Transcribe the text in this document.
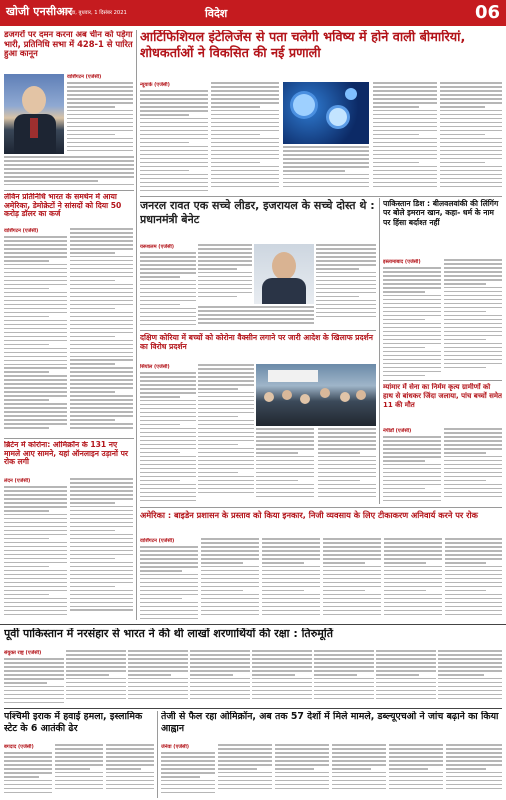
खोजी एनसीआर
नोएडा, बुधवार, 1 दिसंबर 2021	विदेश	06
डजगरों पर दमन करना अब चीन को पड़ेगा भारी, प्रतिनिधि सभा में 428-1 से पारित हुआ कानून
वाशिंगटन (एजेंसी)
लेविन प्रतिनिधि भारत के समर्थन में आया अमेरिका, डेमोक्रेटों ने सांसदों को दिया 50 करोड़ डॉलर का कर्ज
वाशिंगटन (एजेंसी)
ब्रिटेन में कोरोना: ओमिक्रॉन के 131 नए मामले आए सामने, यहां ऑनलाइन उड़ानों पर रोक लगी
लंदन (एजेंसी)
आर्टिफिशियल इंटेलिजेंस से पता चलेगी भविष्य में होने वाली बीमारियां, शोधकर्ताओं ने विकसित की नई प्रणाली
न्यूयार्क (एजेंसी)
जनरल रावत एक सच्चे लीडर, इजरायल के सच्चे दोस्त थे : प्रधानमंत्री बेनेट
यरूशलम (एजेंसी)
दक्षिण कोरिया में बच्चों को कोरोना वैक्सीन लगाने पर जारी आदेश के खिलाफ प्रदर्शन का विरोध प्रदर्शन
सियोल (एजेंसी)
पाकिस्तान डिश : बीलवलवांकी की लिंगिंग पर बोले इमरान खान, कहा- धर्म के नाम पर हिंसा बर्दाश्त नहीं
इस्लामाबाद (एजेंसी)
म्यांमार में सेना का निर्मम कृत्य ग्रामीणों को हाथ से बांधकर जिंदा जलाया, पांच बच्चों समेत 11 की मौत
नेपीडॉ (एजेंसी)
अमेरिका : बाइडेन प्रशासन के प्रस्ताव को किया इनकार, निजी व्यवसाय के लिए टीकाकरण अनिवार्य करने पर रोक
वाशिंगटन (एजेंसी)
पूर्वी पाकिस्तान में नरसंहार से भारत ने की थी लाखों शरणार्थियों की रक्षा : तिरुमूर्ति
संयुक्त राष्ट्र (एजेंसी)
पश्चिमी इराक में हवाई हमला, इस्लामिक स्टेट के 6 आतंकी ढेर
बगदाद (एजेंसी)
तेजी से फैल रहा ओमिक्रॉन, अब तक 57 देशों में मिले मामले, डब्ल्यूएचओ ने जांच बढ़ाने का किया आह्वान
जेनेवा (एजेंसी)
